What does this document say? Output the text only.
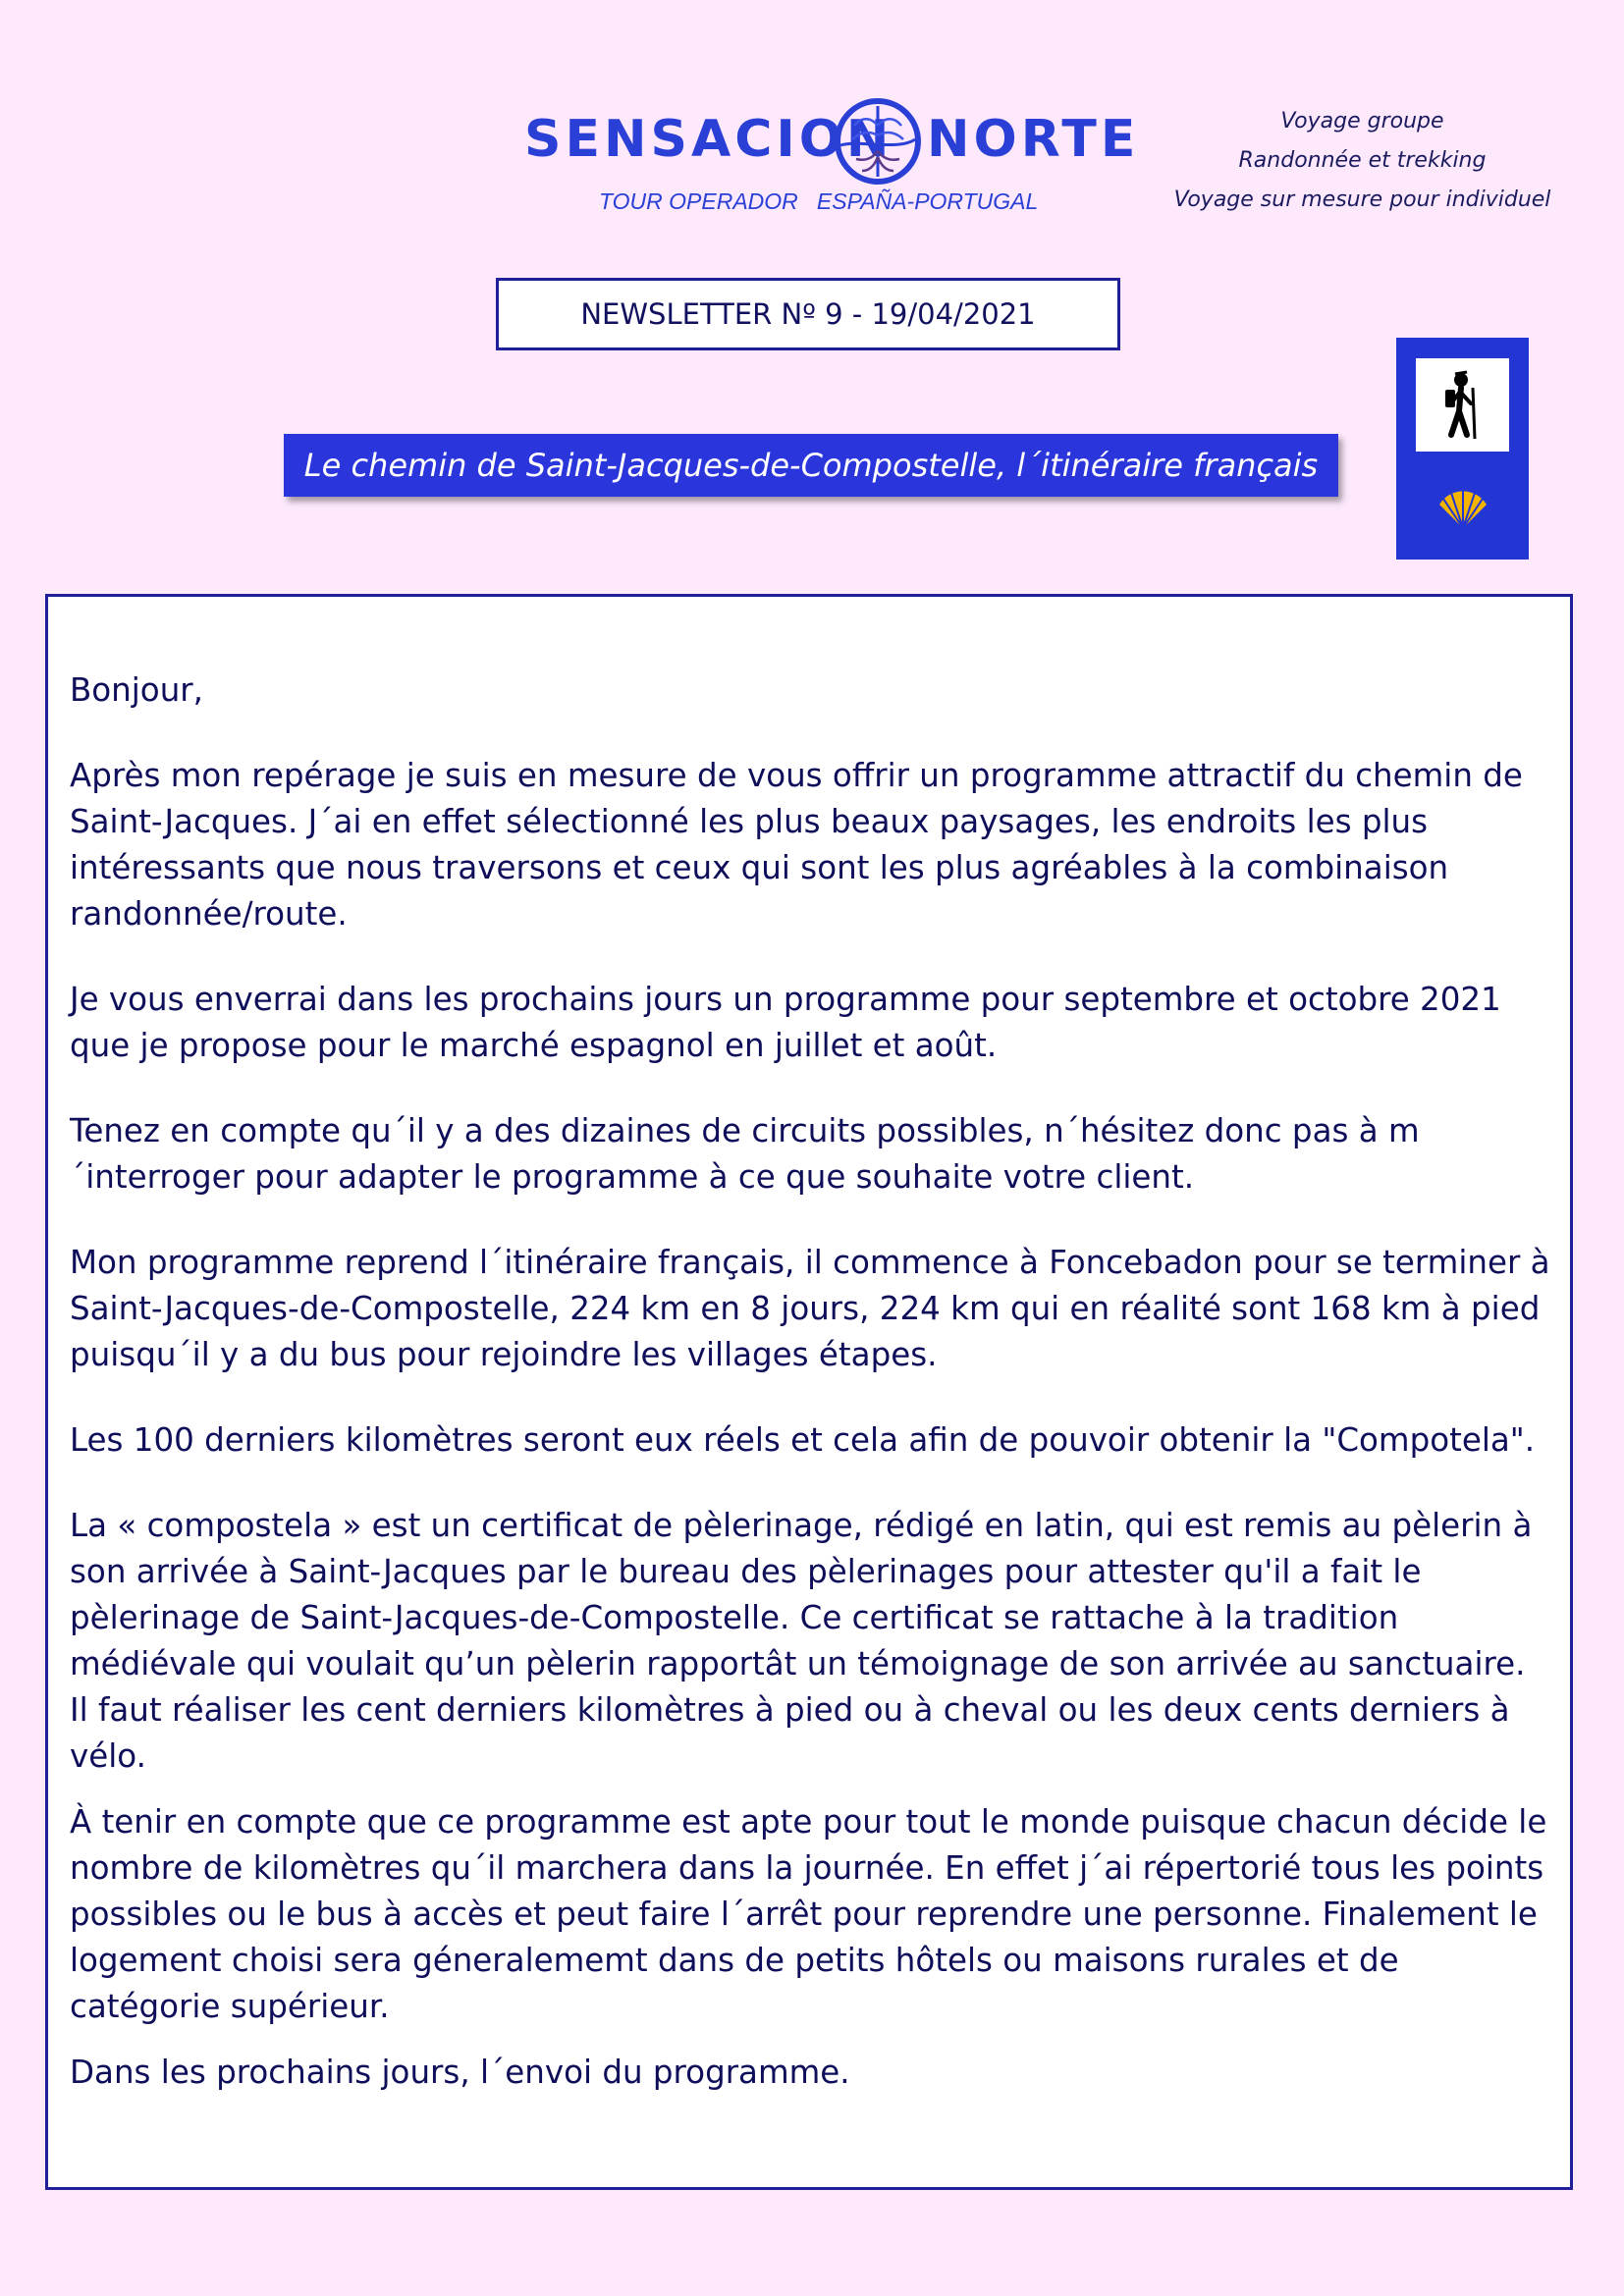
SENSACION NORTE
TOUR OPERADOR   ESPAÑA-PORTUGAL
Voyage groupe
Randonnée et trekking
Voyage sur mesure pour individuel
NEWSLETTER Nº 9 - 19/04/2021
Le chemin de Saint-Jacques-de-Compostelle, l´itinéraire français

Bonjour,

Après mon repérage je suis en mesure de vous offrir un programme attractif du chemin de Saint-Jacques. J´ai en effet sélectionné les plus beaux paysages, les endroits les plus intéressants que nous traversons et ceux qui sont les plus agréables à la combinaison randonnée/route.

Je vous enverrai dans les prochains jours un programme pour septembre et octobre 2021 que je propose pour le marché espagnol en juillet et août.

Tenez en compte qu´il y a des dizaines de circuits possibles, n´hésitez donc pas à m´interroger pour adapter le programme à ce que souhaite votre client.

Mon programme reprend l´itinéraire français, il commence à Foncebadon pour se terminer à Saint-Jacques-de-Compostelle, 224 km en 8 jours, 224 km qui en réalité sont 168 km à pied puisqu´il y a du bus pour rejoindre les villages étapes.

Les 100 derniers kilomètres seront eux réels et cela afin de pouvoir obtenir la "Compotela".

La « compostela » est un certificat de pèlerinage, rédigé en latin, qui est remis au pèlerin à son arrivée à Saint-Jacques par le bureau des pèlerinages pour attester qu'il a fait le pèlerinage de Saint-Jacques-de-Compostelle. Ce certificat se rattache à la tradition médiévale qui voulait qu’un pèlerin rapportât un témoignage de son arrivée au sanctuaire. Il faut réaliser les cent derniers kilomètres à pied ou à cheval ou les deux cents derniers à vélo.

À tenir en compte que ce programme est apte pour tout le monde puisque chacun décide le nombre de kilomètres qu´il marchera dans la journée. En effet j´ai répertorié tous les points possibles ou le bus à accès et peut faire l´arrêt pour reprendre une personne. Finalement le logement choisi sera géneralememt dans de petits hôtels ou maisons rurales et de catégorie supérieur.

Dans les prochains jours, l´envoi du programme.
